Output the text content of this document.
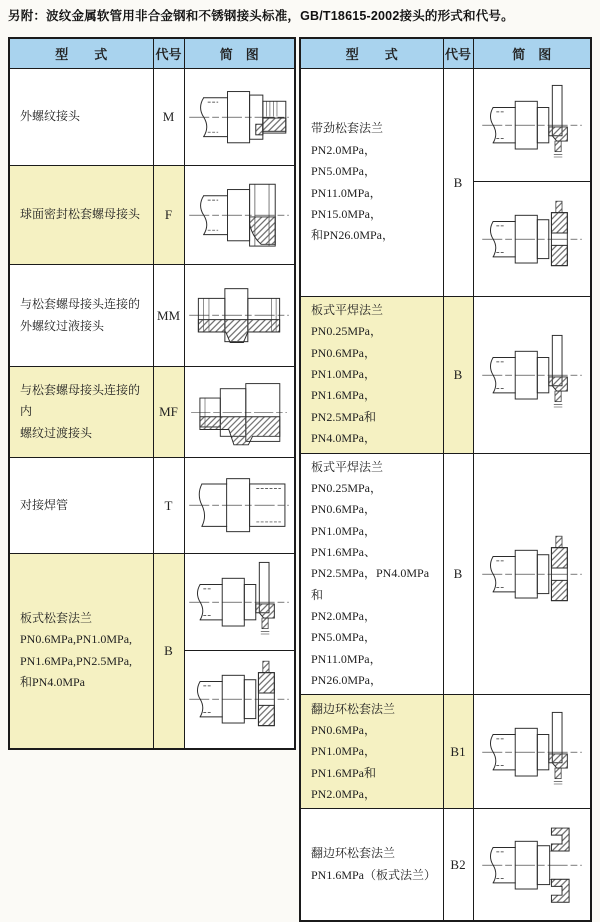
另附：波纹金属软管用非合金钢和不锈钢接头标准，GB/T18615-2002接头的形式和代号。
型　　式	代号	简　图

外螺纹接头	M	

球面密封松套螺母接头	F	

与松套螺母接头连接的
外螺纹过液接头	MM	

与松套螺母接头连接的内
螺纹过渡接头	MF	

对接焊管	T	

板式松套法兰
PN0.6MPa,PN1.0MPa,
PN1.6MPa,PN2.5MPa,
和PN4.0MPa	B	

型　　式	代号	简　图

带劲松套法兰
PN2.0MPa，PN5.0MPa，
PN11.0MPa，PN15.0MPa，
和PN26.0MPa，	B	

板式平焊法兰
PN0.25MPa，PN0.6MPa，
PN1.0MPa，PN1.6MPa，
PN2.5MPa和PN4.0MPa，	B	

板式平焊法兰
PN0.25MPa，PN0.6MPa，
PN1.0MPa，PN1.6MPa、
PN2.5MPa，PN4.0MPa和
PN2.0MPa，PN5.0MPa，
PN11.0MPa，PN26.0MPa，
	B	

翻边环松套法兰
PN0.6MPa，PN1.0MPa，
PN1.6MPa和PN2.0MPa，	B1	

翻边环松套法兰
PN1.6MPa（板式法兰）	B2	
